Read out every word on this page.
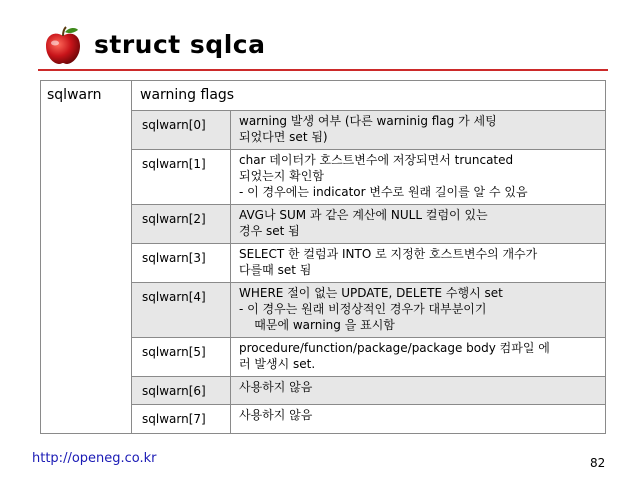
struct sqlca
sqlwarn	warning flags	
	sqlwarn[0]	warning 발생 여부 (다른 warninig flag 가 세팅
되었다면 set 됨)

	sqlwarn[1]	char 데이터가 호스트변수에 저장되면서 truncated
되었는지 확인함
- 이 경우에는 indicator 변수로 원래 길이를 알 수 있음

	sqlwarn[2]	AVG나 SUM 과 같은 계산에 NULL 컬럼이 있는
경우 set 됨

	sqlwarn[3]	SELECT 한 컬럼과 INTO 로 지정한 호스트변수의 개수가
다를때 set 됨

	sqlwarn[4]	WHERE 절이 없는 UPDATE, DELETE 수행시 set
- 이 경우는 원래 비정상적인 경우가 대부분이기
때문에 warning 을 표시함

	sqlwarn[5]	procedure/function/package/package body 컴파일 에
러 발생시 set.

	sqlwarn[6]	사용하지 않음

	sqlwarn[7]	사용하지 않음
http://openeg.co.kr	82
